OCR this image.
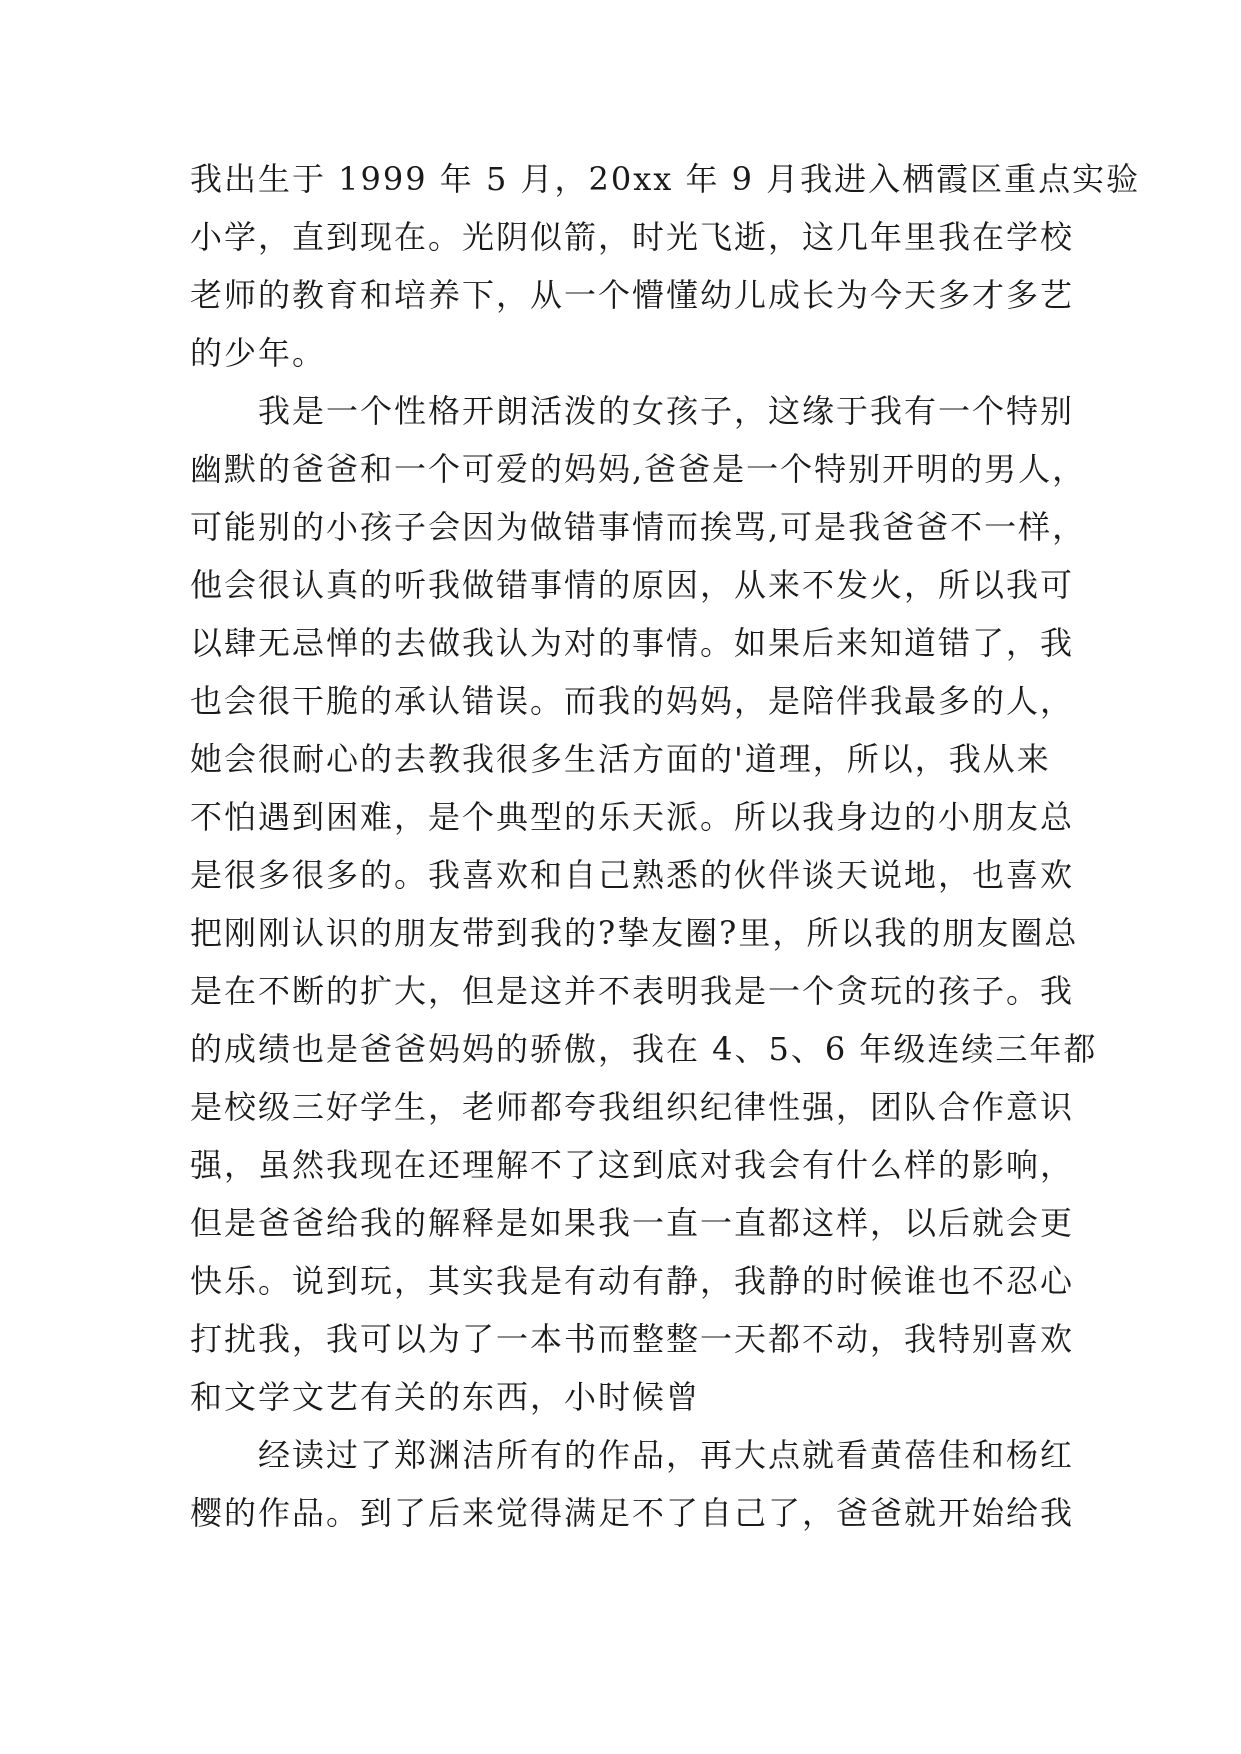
我出生于 1999 年 5 月，20xx 年 9 月我进入栖霞区重点实验
小学，直到现在。光阴似箭，时光飞逝，这几年里我在学校
老师的教育和培养下，从一个懵懂幼儿成长为今天多才多艺
的少年。
我是一个性格开朗活泼的女孩子，这缘于我有一个特别
幽默的爸爸和一个可爱的妈妈,爸爸是一个特别开明的男人，
可能别的小孩子会因为做错事情而挨骂,可是我爸爸不一样，
他会很认真的听我做错事情的原因，从来不发火，所以我可
以肆无忌惮的去做我认为对的事情。如果后来知道错了，我
也会很干脆的承认错误。而我的妈妈，是陪伴我最多的人，
她会很耐心的去教我很多生活方面的'道理，所以，我从来
不怕遇到困难，是个典型的乐天派。所以我身边的小朋友总
是很多很多的。我喜欢和自己熟悉的伙伴谈天说地，也喜欢
把刚刚认识的朋友带到我的?挚友圈?里，所以我的朋友圈总
是在不断的扩大，但是这并不表明我是一个贪玩的孩子。我
的成绩也是爸爸妈妈的骄傲，我在 4、5、6 年级连续三年都
是校级三好学生，老师都夸我组织纪律性强，团队合作意识
强，虽然我现在还理解不了这到底对我会有什么样的影响，
但是爸爸给我的解释是如果我一直一直都这样，以后就会更
快乐。说到玩，其实我是有动有静，我静的时候谁也不忍心
打扰我，我可以为了一本书而整整一天都不动，我特别喜欢
和文学文艺有关的东西，小时候曾
经读过了郑渊洁所有的作品，再大点就看黄蓓佳和杨红
樱的作品。到了后来觉得满足不了自己了，爸爸就开始给我
